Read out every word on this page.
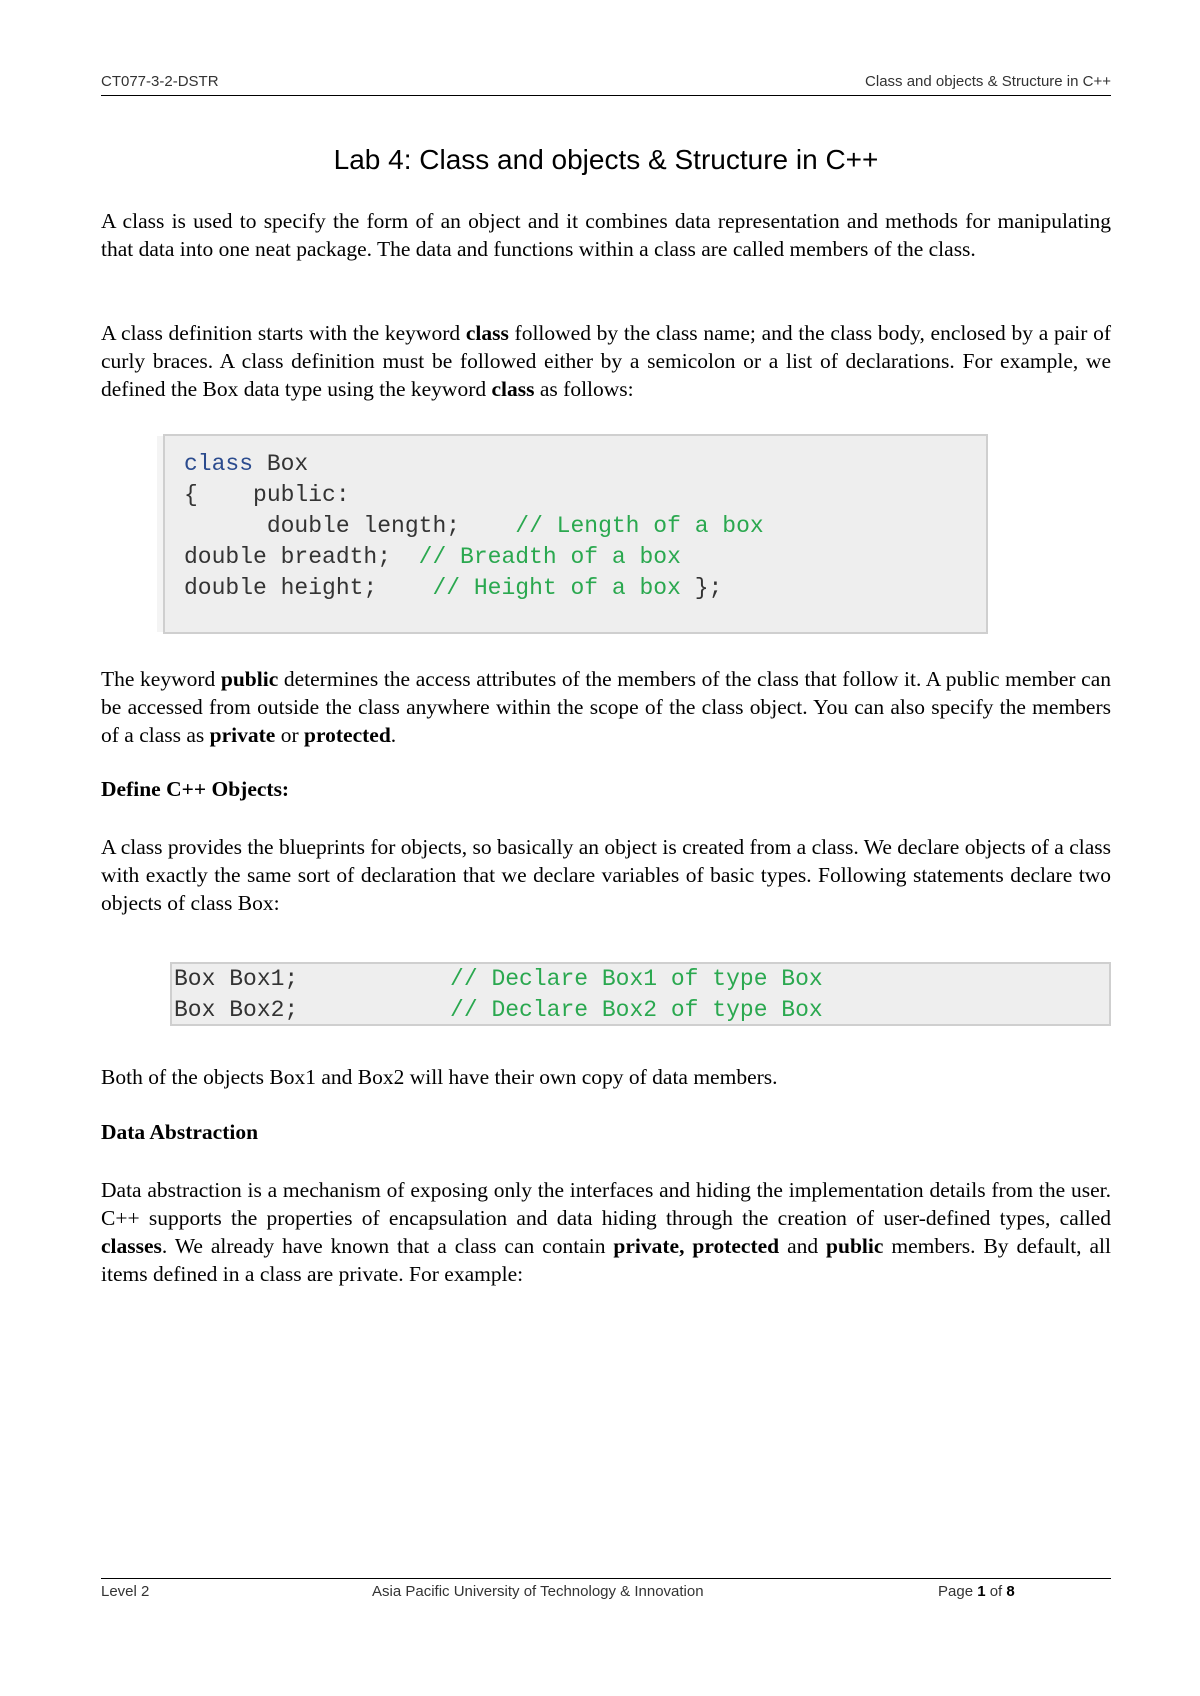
CT077-3-2-DSTR	Class and objects & Structure in C++
Lab 4: Class and objects & Structure in C++

A class is used to specify the form of an object and it combines data representation and methods for manipulating that data into one neat package. The data and functions within a class are called members of the class.

A class definition starts with the keyword class followed by the class name; and the class body, enclosed by a pair of curly braces. A class definition must be followed either by a semicolon or a list of declarations. For example, we defined the Box data type using the keyword class as follows:

class Box
{    public:
double length;    // Length of a box
double breadth;  // Breadth of a box
double height;    // Height of a box };

The keyword public determines the access attributes of the members of the class that follow it. A public member can be accessed from outside the class anywhere within the scope of the class object. You can also specify the members of a class as private or protected.

Define C++ Objects:

A class provides the blueprints for objects, so basically an object is created from a class. We declare objects of a class with exactly the same sort of declaration that we declare variables of basic types. Following statements declare two objects of class Box:

Box Box1;           // Declare Box1 of type Box
Box Box2;           // Declare Box2 of type Box

Both of the objects Box1 and Box2 will have their own copy of data members.

Data Abstraction

Data abstraction is a mechanism of exposing only the interfaces and hiding the implementation details from the user. C++ supports the properties of encapsulation and data hiding through the creation of user-defined types, called classes. We already have known that a class can contain private, protected and public members. By default, all items defined in a class are private. For example:

Level 2	Asia Pacific University of Technology & Innovation	Page 1 of 8
